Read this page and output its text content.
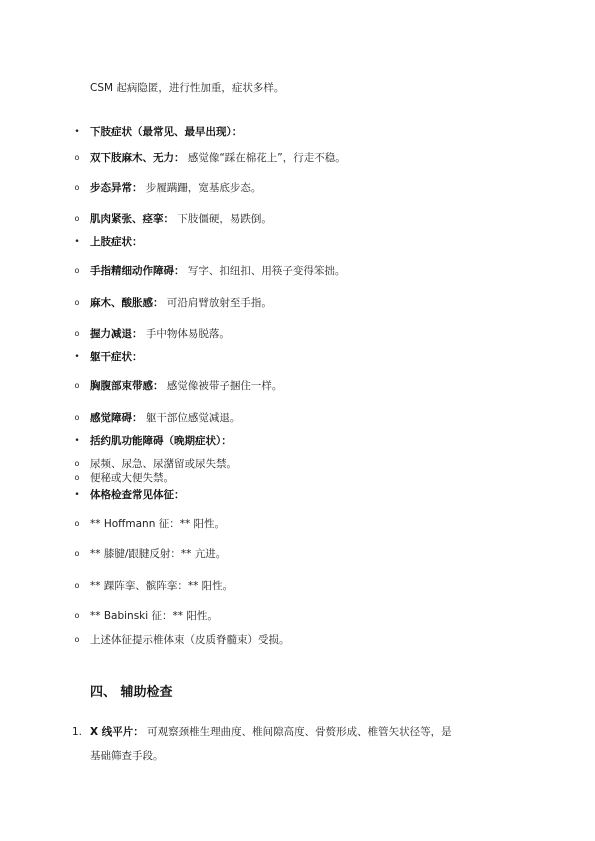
CSM 起病隐匿，进行性加重，症状多样。
• 下肢症状（最常见、最早出现）：
o 双下肢麻木、无力： 感觉像“踩在棉花上”，行走不稳。
o 步态异常： 步履蹒跚，宽基底步态。
o 肌肉紧张、痉挛： 下肢僵硬，易跌倒。
• 上肢症状：
o 手指精细动作障碍： 写字、扣纽扣、用筷子变得笨拙。
o 麻木、酸胀感： 可沿肩臂放射至手指。
o 握力减退： 手中物体易脱落。
• 躯干症状：
o 胸腹部束带感： 感觉像被带子捆住一样。
o 感觉障碍： 躯干部位感觉减退。
• 括约肌功能障碍（晚期症状）：
o 尿频、尿急、尿潴留或尿失禁。
o 便秘或大便失禁。
• 体格检查常见体征：
o ** Hoffmann 征：** 阳性。
o ** 膝腱/跟腱反射：** 亢进。
o ** 踝阵挛、髌阵挛：** 阳性。
o ** Babinski 征：** 阳性。
o 上述体征提示椎体束（皮质脊髓束）受损。
四、 辅助检查
1. X 线平片： 可观察颈椎生理曲度、椎间隙高度、骨赘形成、椎管矢状径等，是
基础筛查手段。
